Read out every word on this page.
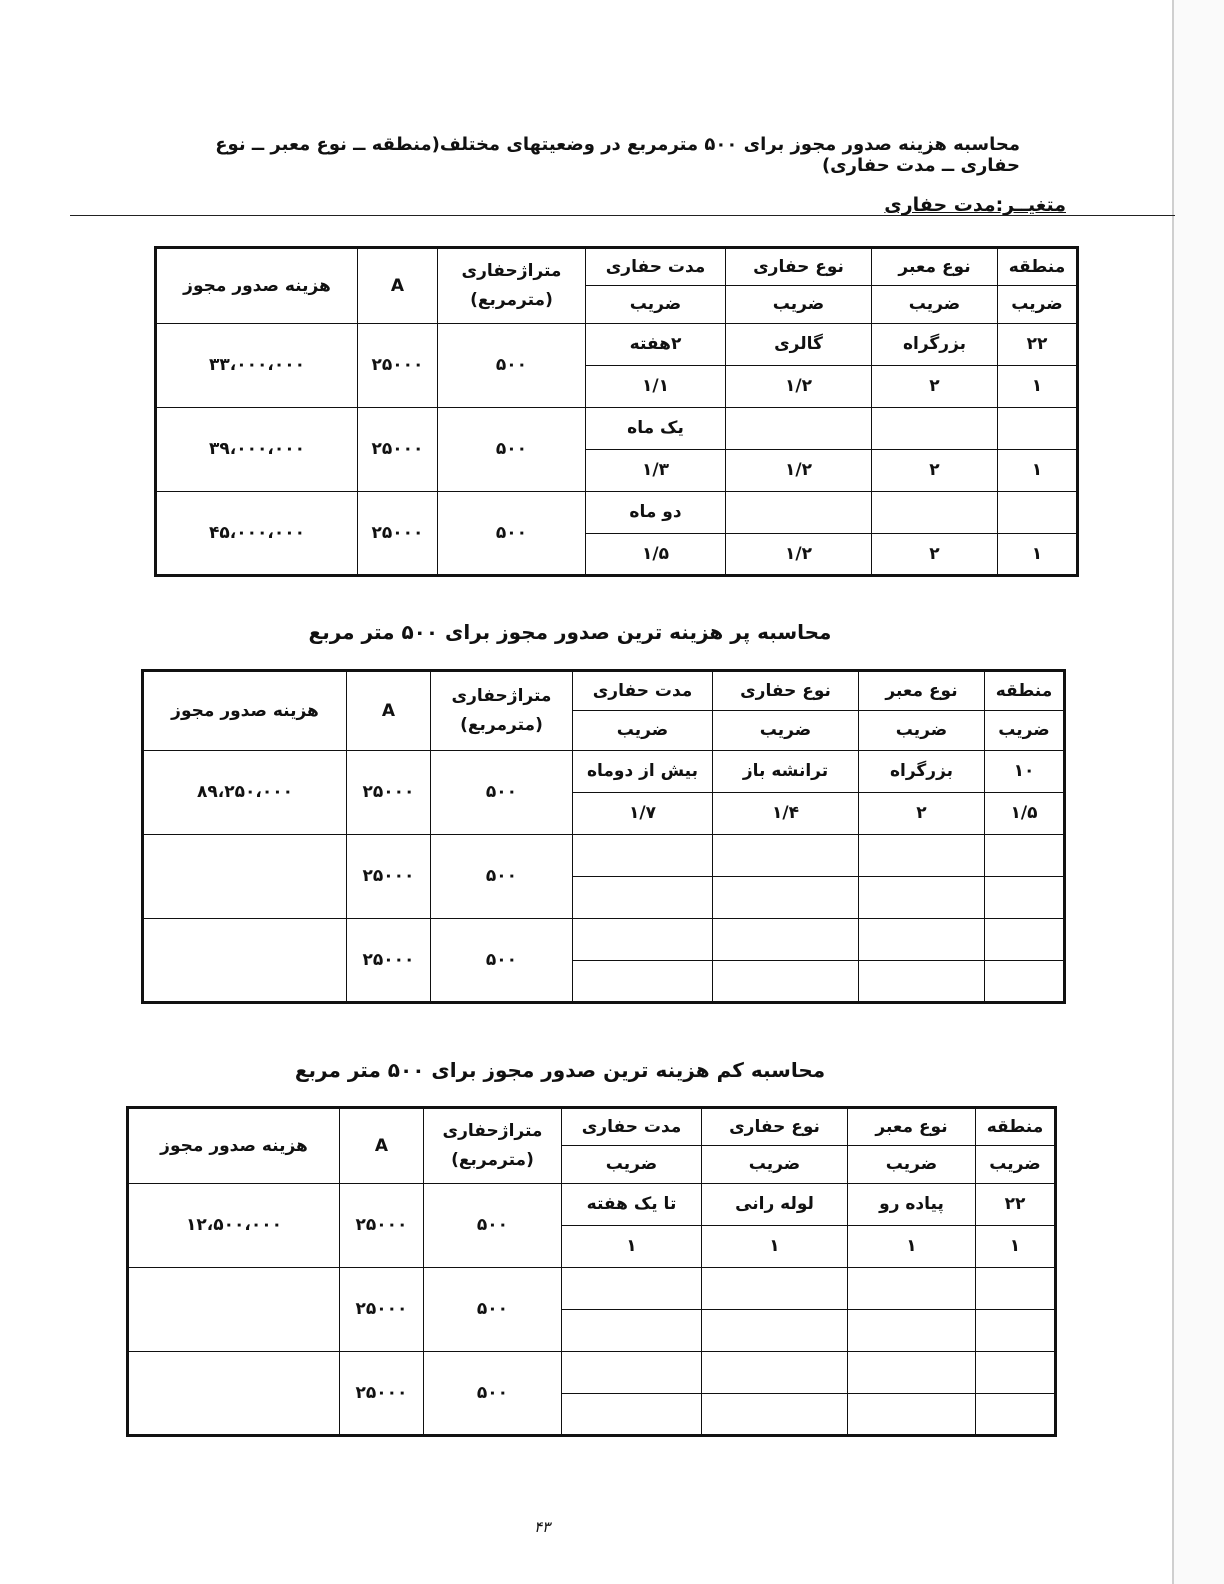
محاسبه هزینه صدور مجوز برای ۵۰۰ مترمربع در وضعیتهای مختلف(منطقه ــ نوع معبر ــ نوع حفاری ــ مدت حفاری)
متغیــر:مدت حفاری
منطقه	نوع معبر	نوع حفاری	مدت حفاری	متراژحفاری
(مترمربع)	A	هزینه صدور مجوز
ضریب	ضریب	ضریب	ضریب			
۲۲	بزرگراه	گالری	۲هفته	۵۰۰	۲۵۰۰۰	۳۳،۰۰۰،۰۰۰
۱	۲	۱/۲	۱/۱			
			یک ماه	۵۰۰	۲۵۰۰۰	۳۹،۰۰۰،۰۰۰
۱	۲	۱/۲	۱/۳			
			دو ماه	۵۰۰	۲۵۰۰۰	۴۵،۰۰۰،۰۰۰
۱	۲	۱/۲	۱/۵			
محاسبه پر هزینه ترین صدور مجوز برای ۵۰۰ متر مربع
منطقه	نوع معبر	نوع حفاری	مدت حفاری	متراژحفاری
(مترمربع)	A	هزینه صدور مجوز
ضریب	ضریب	ضریب	ضریب			
۱۰	بزرگراه	ترانشه باز	بیش از دوماه	۵۰۰	۲۵۰۰۰	۸۹،۲۵۰،۰۰۰
۱/۵	۲	۱/۴	۱/۷			
				۵۰۰	۲۵۰۰۰	

				۵۰۰	۲۵۰۰۰	

محاسبه کم هزینه ترین صدور مجوز برای ۵۰۰ متر مربع
منطقه	نوع معبر	نوع حفاری	مدت حفاری	متراژحفاری
(مترمربع)	A	هزینه صدور مجوز
ضریب	ضریب	ضریب	ضریب			
۲۲	پیاده رو	لوله رانی	تا یک هفته	۵۰۰	۲۵۰۰۰	۱۲،۵۰۰،۰۰۰
۱	۱	۱	۱			
				۵۰۰	۲۵۰۰۰	

				۵۰۰	۲۵۰۰۰	

۴۳
